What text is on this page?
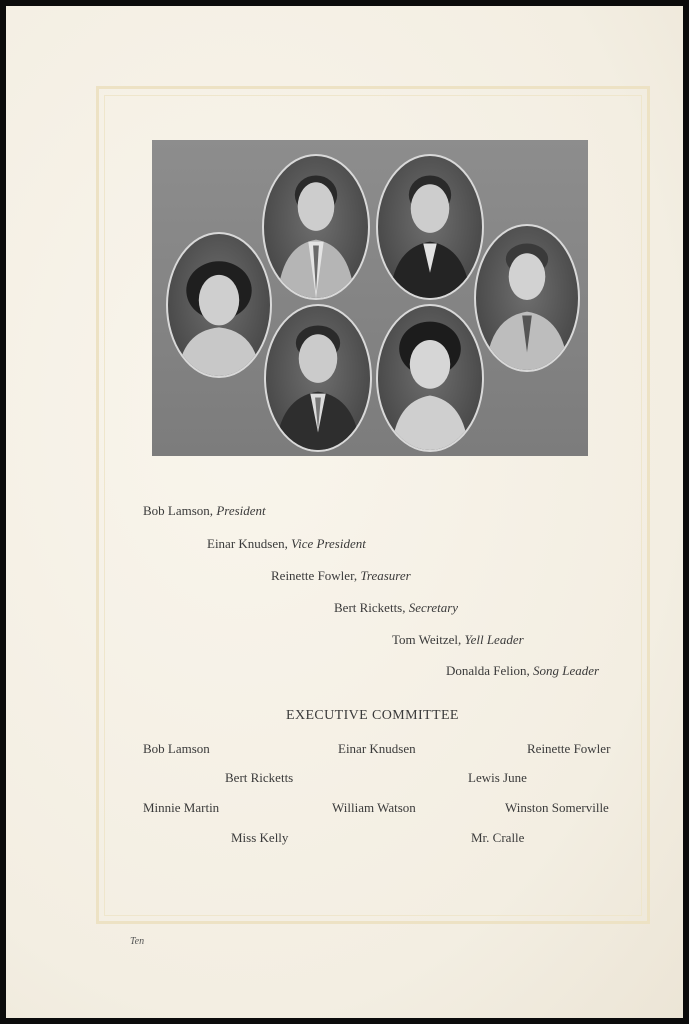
Bob Lamson, President
Einar Knudsen, Vice President
Reinette Fowler, Treasurer
Bert Ricketts, Secretary
Tom Weitzel, Yell Leader
Donalda Felion, Song Leader
EXECUTIVE COMMITTEE
Bob Lamson	Einar Knudsen	Reinette Fowler
Bert Ricketts	Lewis June
Minnie Martin	William Watson	Winston Somerville
Miss Kelly	Mr. Cralle
Ten
